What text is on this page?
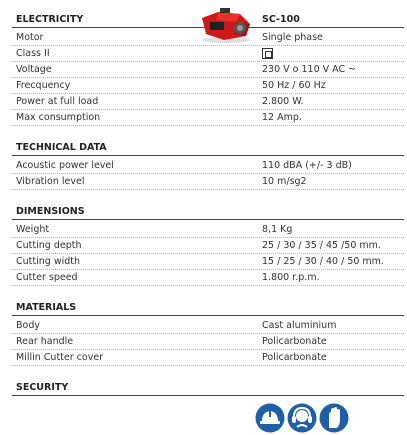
ELECTRICITY	SC-100
Motor	Single phase
Class II
Voltage	230 V o 110 V AC ~
Frecquency	50 Hz / 60 Hz
Power at full load	2.800 W.
Max consumption	12 Amp.
TECHNICAL DATA
Acoustic power level	110 dBA (+/- 3 dB)
Vibration level	10 m/sg2
DIMENSIONS
Weight	8,1 Kg
Cutting depth	25 / 30 / 35 / 45 /50 mm.
Cutting width	15 / 25 / 30 / 40 / 50 mm.
Cutter speed	1.800 r.p.m.
MATERIALS
Body	Cast aluminium
Rear handle	Policarbonate
Millin Cutter cover	Policarbonate
SECURITY
